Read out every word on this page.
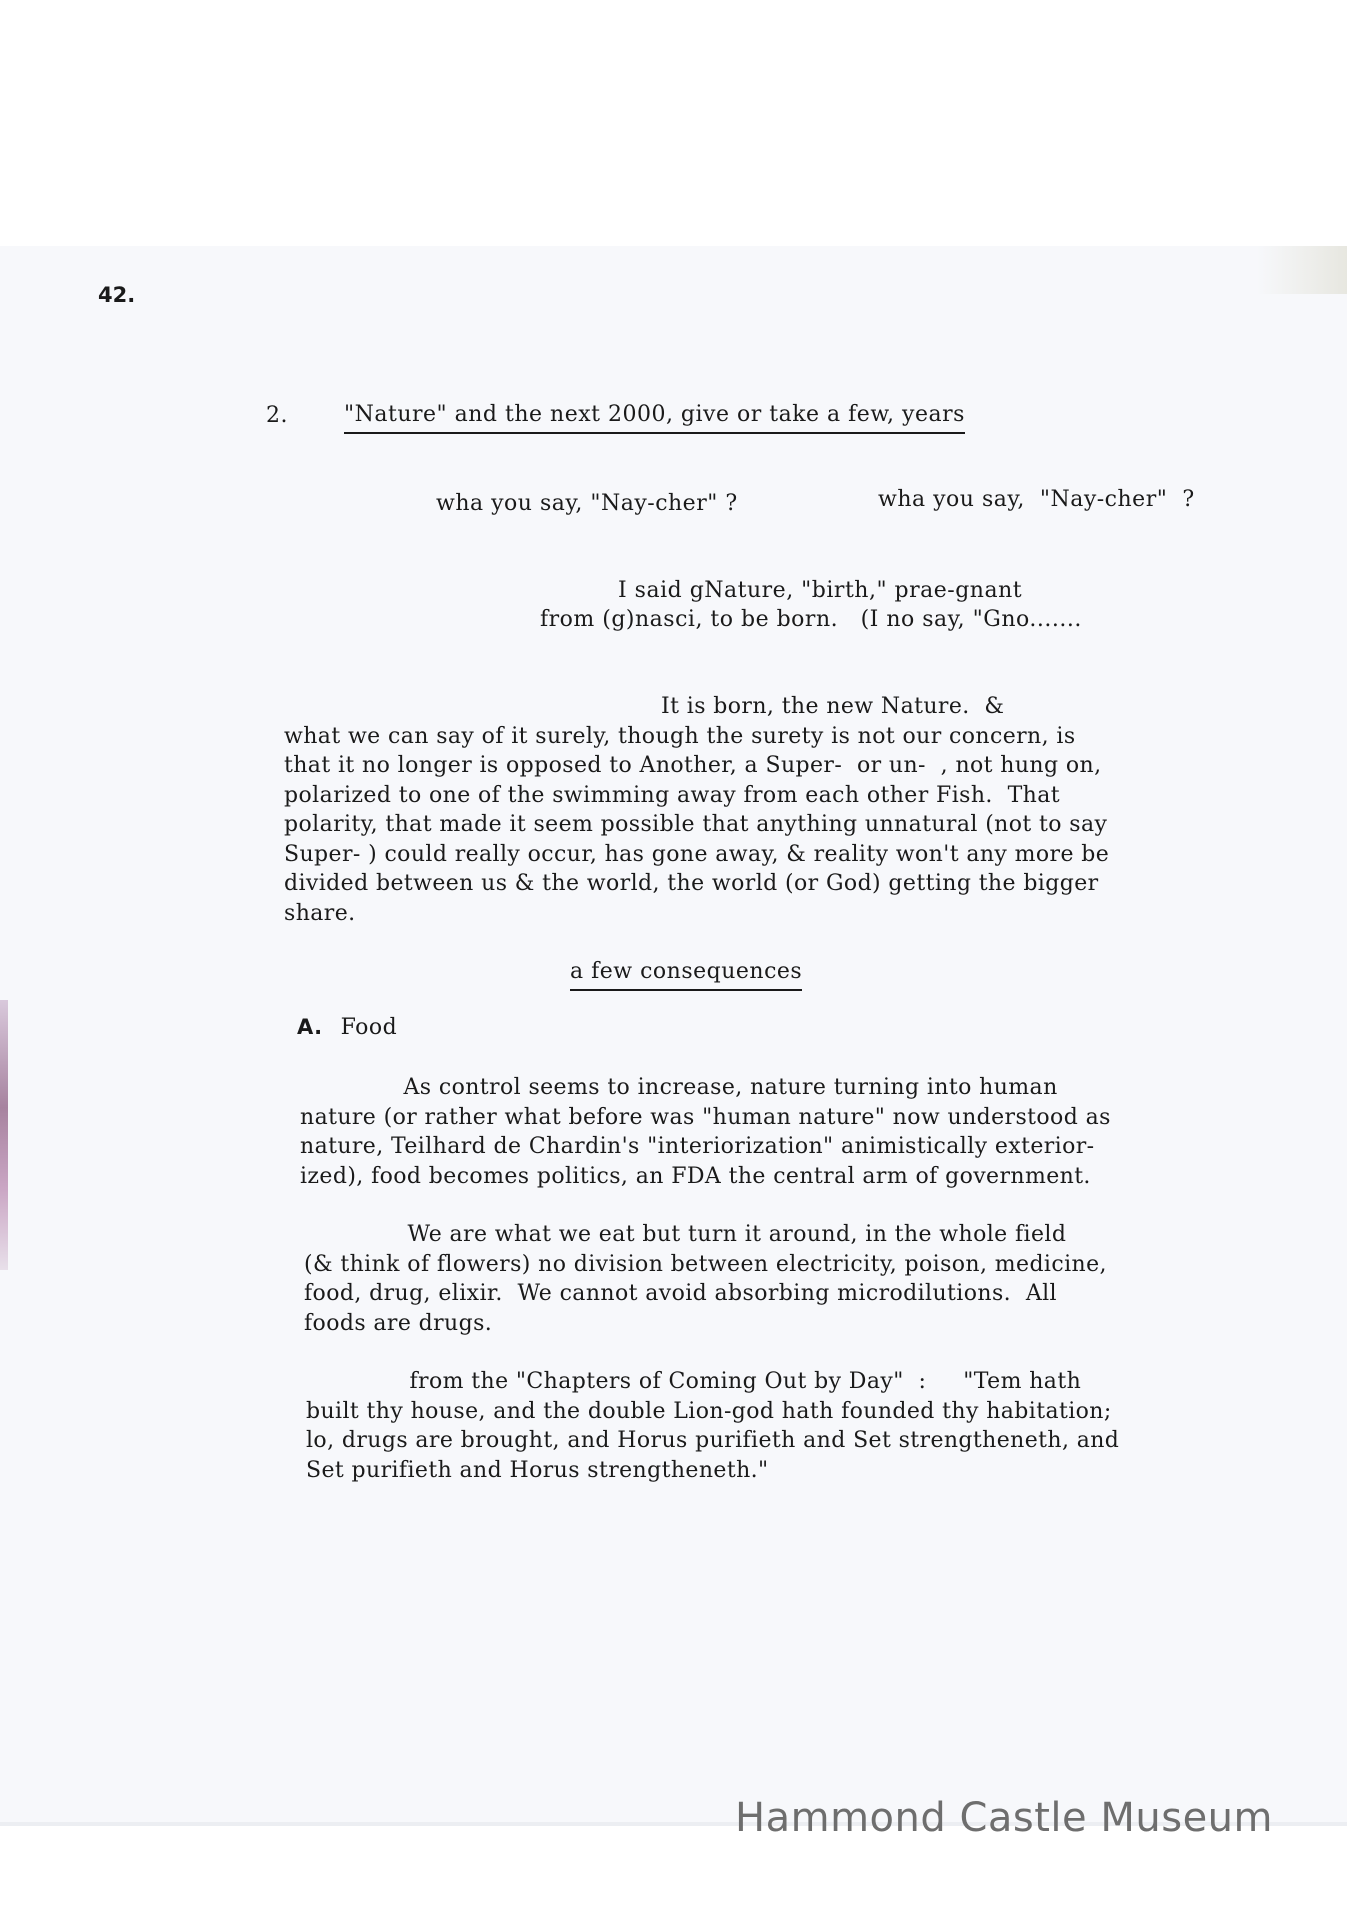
42.
2.	"Nature" and the next 2000, give or take a few, years
wha you say, "Nay-cher" ?	wha you say,  "Nay-cher"  ?
I said gNature, "birth," prae-gnant
from (g)nasci, to be born.   (I no say, "Gno.......
It is born, the new Nature.  &
what we can say of it surely, though the surety is not our concern, is
that it no longer is opposed to Another, a Super-  or un-  , not hung on,
polarized to one of the swimming away from each other Fish.  That
polarity, that made it seem possible that anything unnatural (not to say
Super- ) could really occur, has gone away, & reality won't any more be
divided between us & the world, the world (or God) getting the bigger
share.
a few consequences
A. Food
As control seems to increase, nature turning into human
nature (or rather what before was "human nature" now understood as
nature, Teilhard de Chardin's "interiorization" animistically exterior-
ized), food becomes politics, an FDA the central arm of government.
We are what we eat but turn it around, in the whole field
(& think of flowers) no division between electricity, poison, medicine,
food, drug, elixir.  We cannot avoid absorbing microdilutions.  All
foods are drugs.
from the "Chapters of Coming Out by Day"  :     "Tem hath
built thy house, and the double Lion-god hath founded thy habitation;
lo, drugs are brought, and Horus purifieth and Set strengtheneth, and
Set purifieth and Horus strengtheneth."
Hammond Castle Museum
